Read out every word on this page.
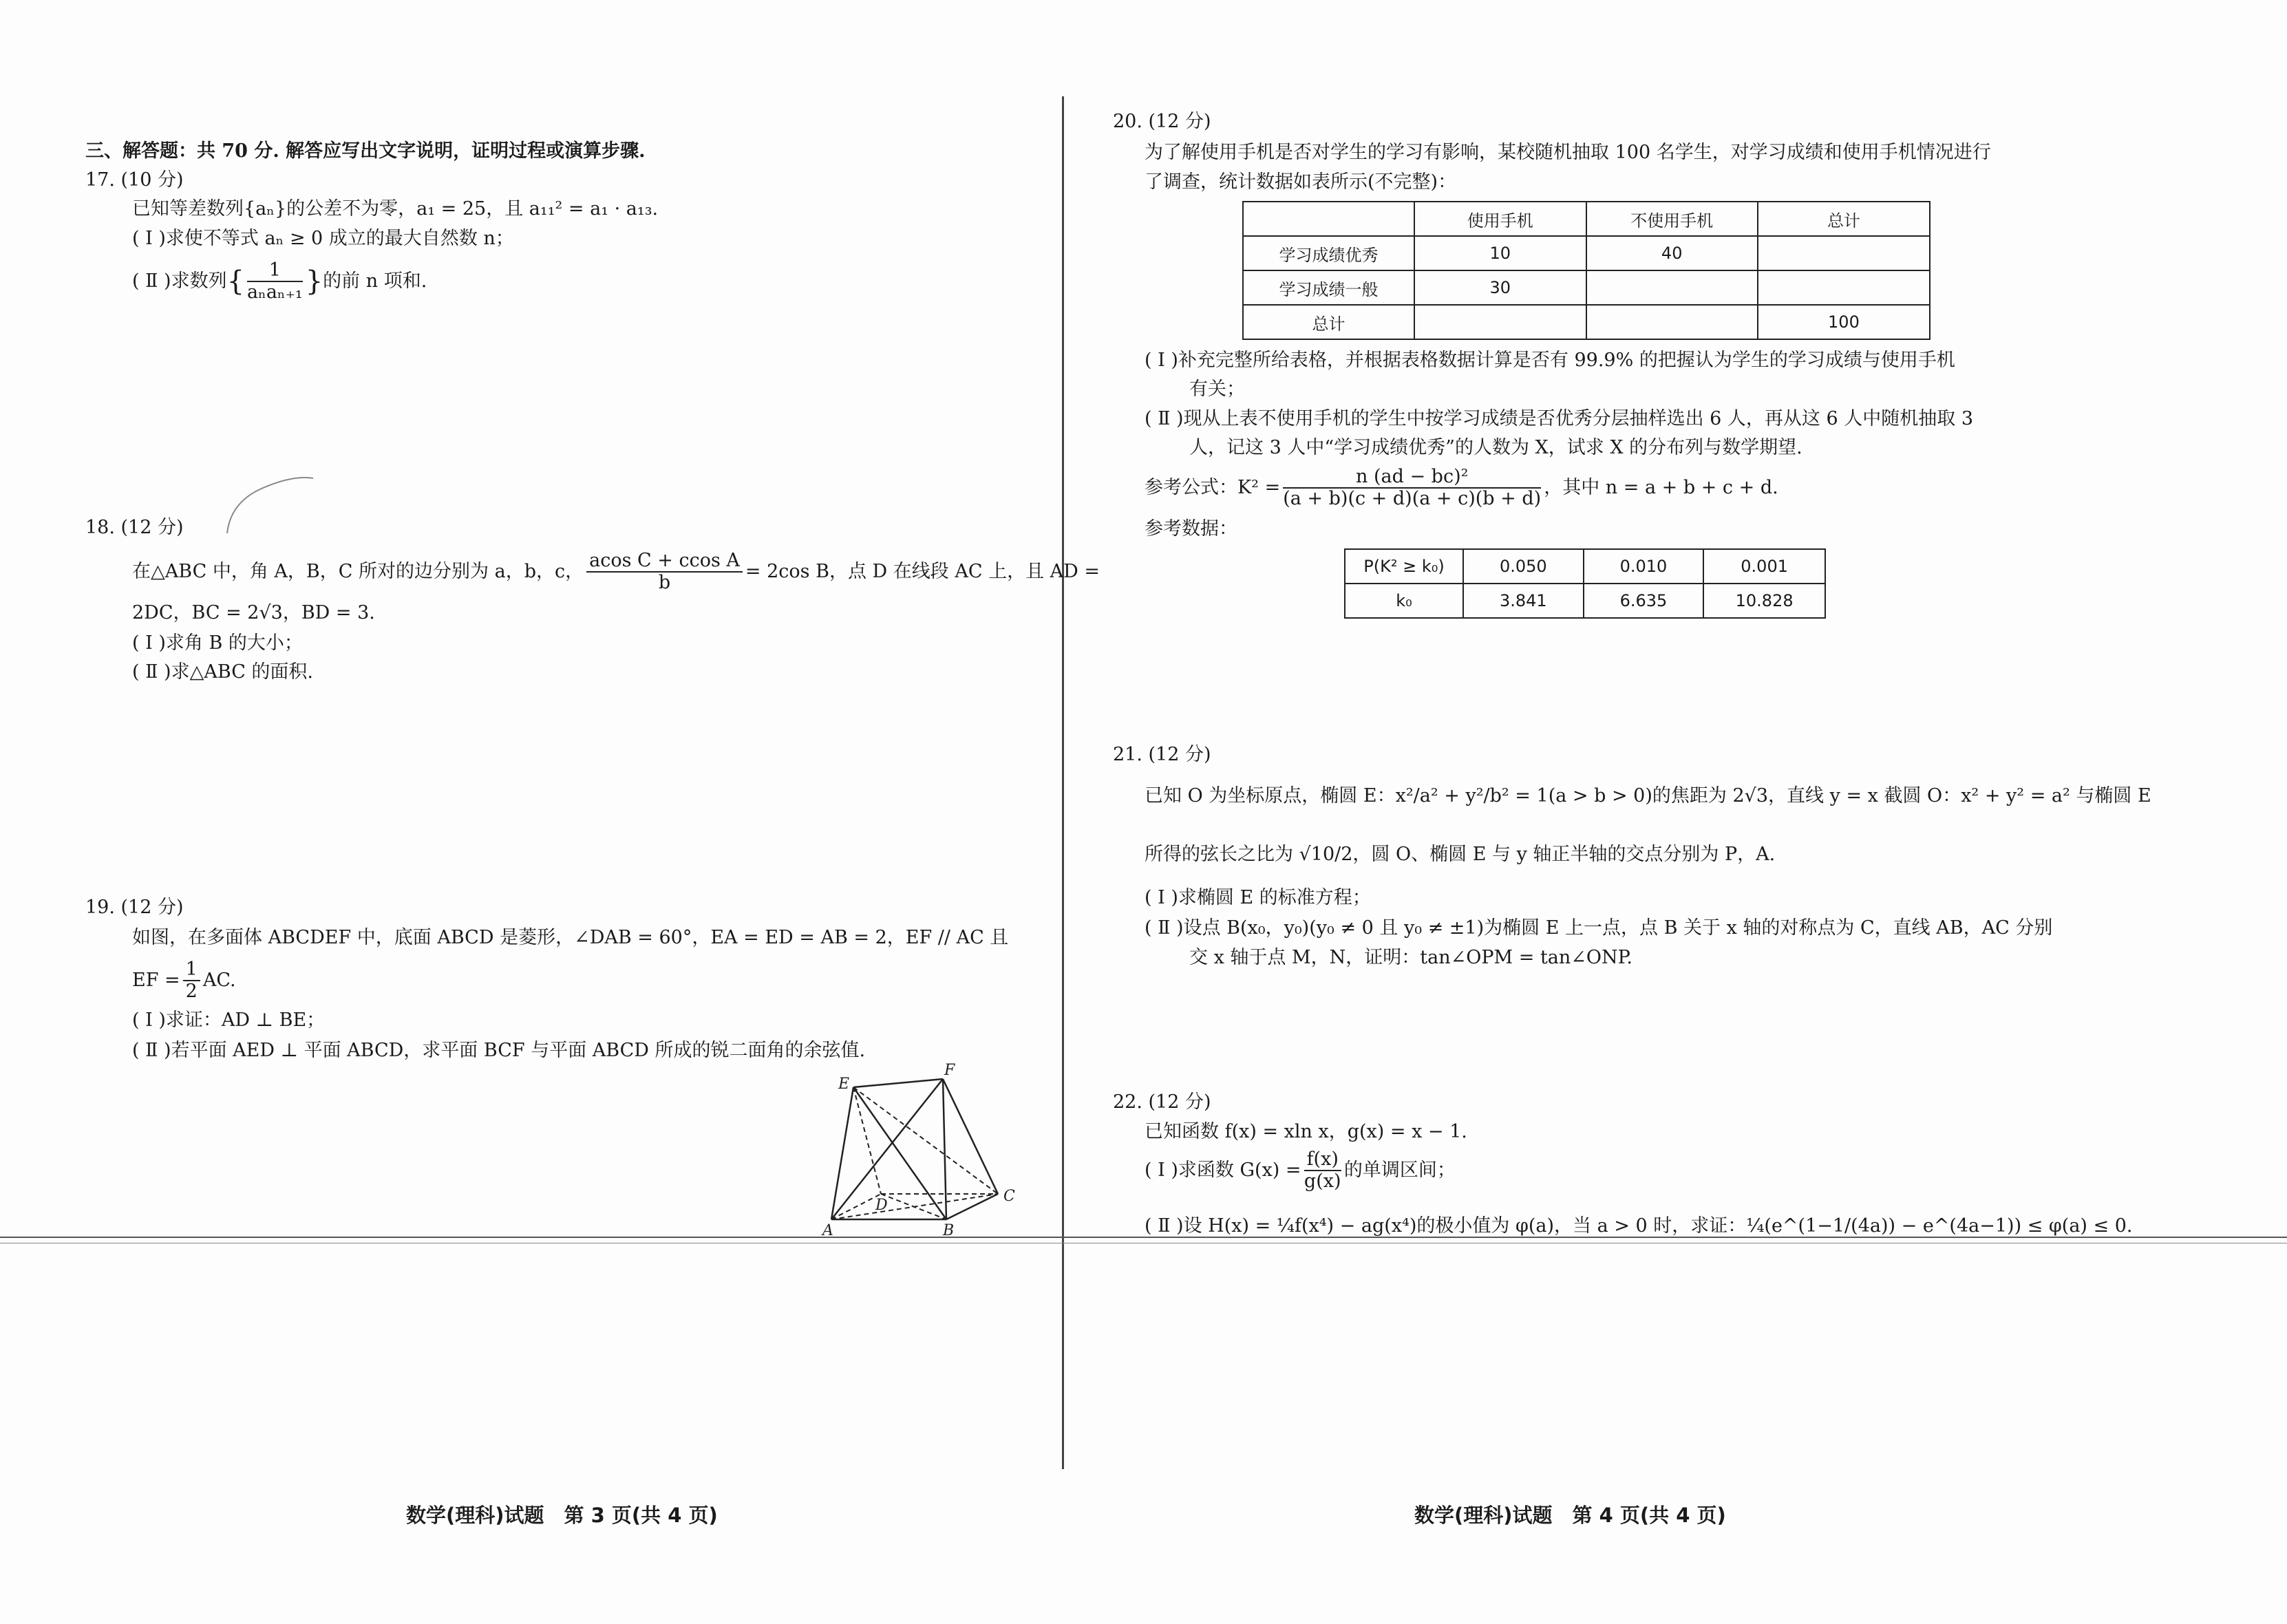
三、解答题：共 70 分. 解答应写出文字说明，证明过程或演算步骤.
17. (10 分)
已知等差数列{aₙ}的公差不为零，a₁ = 25，且 a₁₁² = a₁ · a₁₃.
( Ⅰ )求使不等式 aₙ ≥ 0 成立的最大自然数 n；
( Ⅱ )求数列 { $\frac{1}{\text{aₙaₙ₊₁}}$ } 的前 n 项和.
18. (12 分)
在△ABC 中，角 A，B，C 所对的边分别为 a，b，c， $\frac{\text{acos C + ccos A}}{b} = 2\cos$ B，点 D 在线段 AC 上，且 AD =
2DC，BC = 2√3，BD = 3.
( Ⅰ )求角 B 的大小；
( Ⅱ )求△ABC 的面积.
19. (12 分)
如图，在多面体 ABCDEF 中，底面 ABCD 是菱形，∠DAB = 60°，EA = ED = AB = 2，EF // AC 且
EF = $\frac{1}{2}$ AC.
( Ⅰ )求证：AD ⊥ BE；
( Ⅱ )若平面 AED ⊥ 平面 ABCD，求平面 BCF 与平面 ABCD 所成的锐二面角的余弦值.
E
F
A	B
C
D
数学(理科)试题　第 3 页(共 4 页)
20. (12 分)
为了解使用手机是否对学生的学习有影响，某校随机抽取 100 名学生，对学习成绩和使用手机情况进行
了调查，统计数据如表所示(不完整)：
	使用手机	不使用手机	总计
学习成绩优秀	10	40	
学习成绩一般	30		
总计			100
( Ⅰ )补充完整所给表格，并根据表格数据计算是否有 99.9% 的把握认为学生的学习成绩与使用手机
有关；
( Ⅱ )现从上表不使用手机的学生中按学习成绩是否优秀分层抽样选出 6 人，再从这 6 人中随机抽取 3
人，记这 3 人中“学习成绩优秀”的人数为 X，试求 X 的分布列与数学期望.
参考公式：$K^2 = \frac{\text{n (ad − bc)²}}{(a + b)(c + d)(a + c)(b + d)}$ ，其中 n = a + b + c + d.
参考数据：
P(K² ≥ k₀)	0.050	0.010	0.001
k₀	3.841	6.635	10.828
21. (12 分)
已知 O 为坐标原点，椭圆 E：x²/a² + y²/b² = 1(a > b > 0)的焦距为 2√3，直线 y = x 截圆 O：x² + y² = a² 与椭圆 E
所得的弦长之比为 √10/2，圆 O、椭圆 E 与 y 轴正半轴的交点分别为 P，A.
( Ⅰ )求椭圆 E 的标准方程；
( Ⅱ )设点 B(x₀，y₀)(y₀ ≠ 0 且 y₀ ≠ ±1)为椭圆 E 上一点，点 B 关于 x 轴的对称点为 C，直线 AB，AC 分别
交 x 轴于点 M，N，证明：tan∠OPM = tan∠ONP.
22. (12 分)
已知函数 f(x) = xln x，g(x) = x − 1.
( Ⅰ )求函数 $G(x) = \frac{f(x)}{g(x)}$ 的单调区间；
( Ⅱ )设 H(x) = ¼f(x⁴) − ag(x⁴)的极小值为 φ(a)，当 a > 0 时，求证：¼(e^(1−1/(4a)) − e^(4a−1)) ≤ φ(a) ≤ 0.
数学(理科)试题　第 4 页(共 4 页)
